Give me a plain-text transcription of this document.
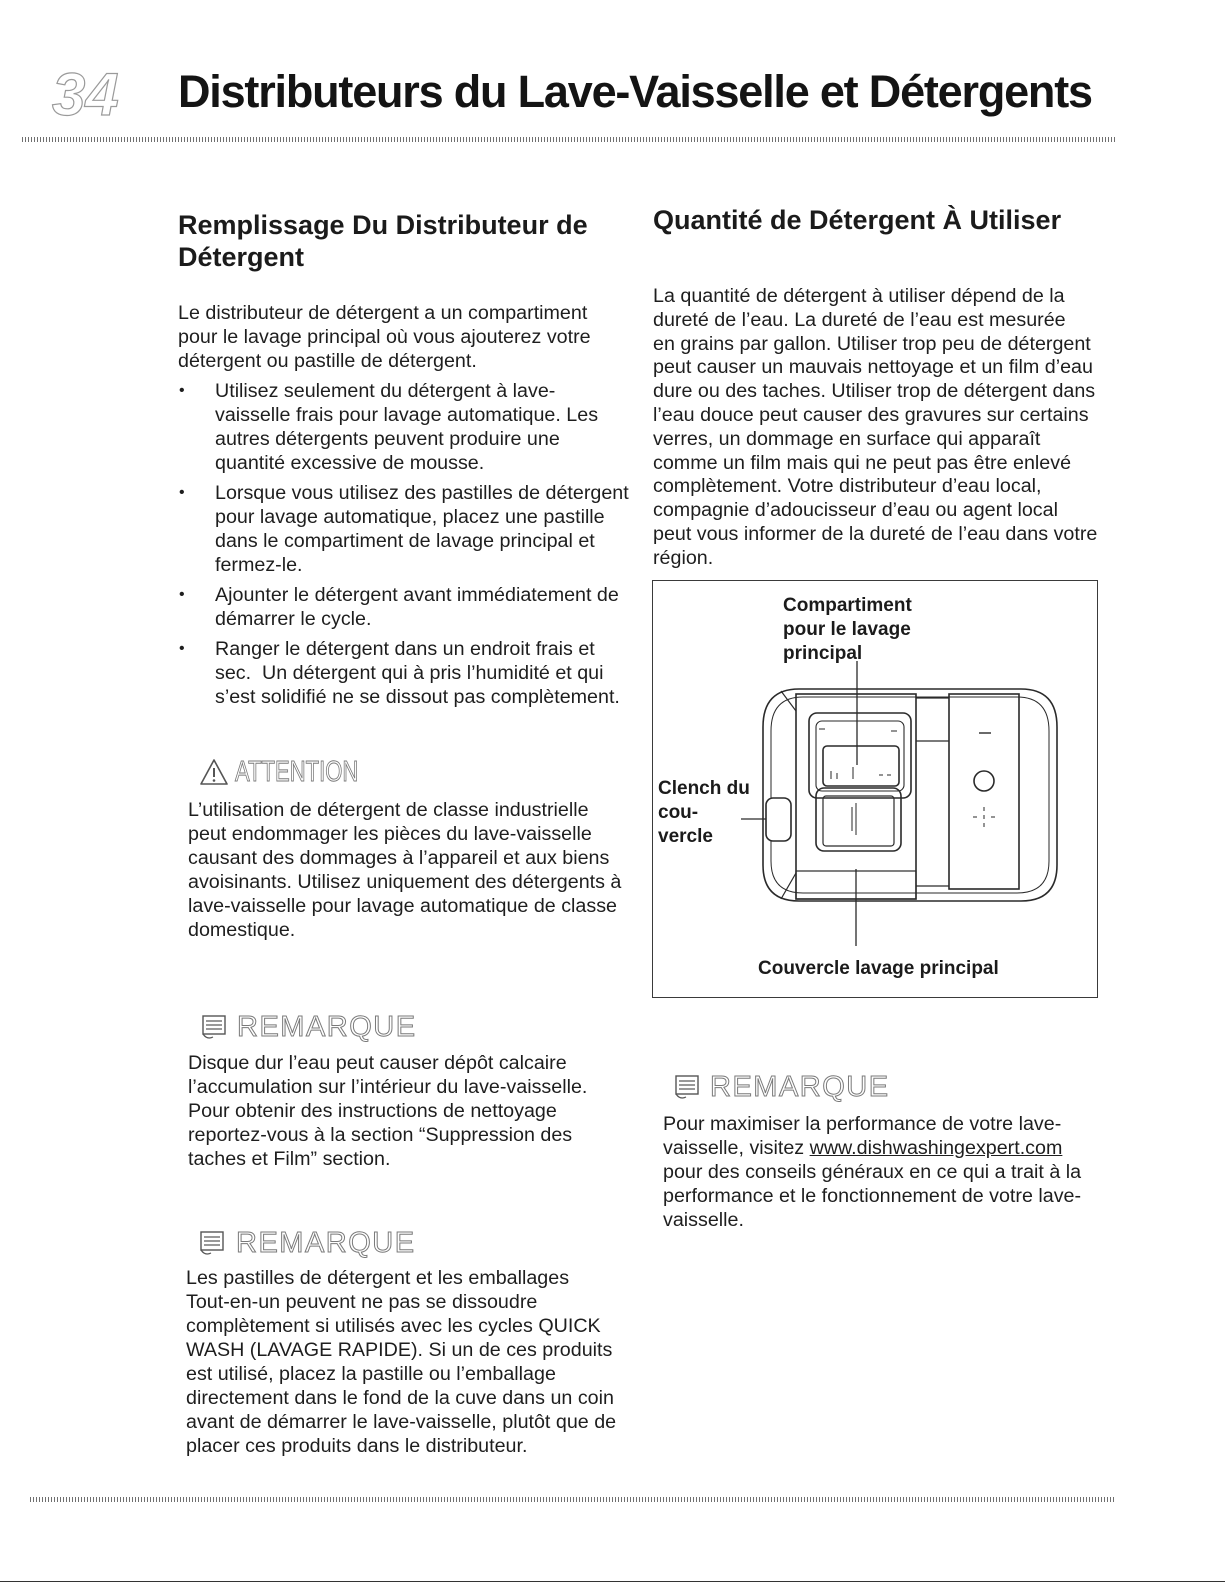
34 Distributeurs du Lave-Vaisselle et Détergents
Remplissage Du Distributeur de
Détergent
Le distributeur de détergent a un compartiment
pour le lavage principal où vous ajouterez votre
détergent ou pastille de détergent.
• Utilisez seulement du détergent à lave-
vaisselle frais pour lavage automatique. Les
autres détergents peuvent produire une
quantité excessive de mousse.
• Lorsque vous utilisez des pastilles de détergent
pour lavage automatique, placez une pastille
dans le compartiment de lavage principal et
fermez-le.
• Ajounter le détergent avant immédiatement de
démarrer le cycle.
• Ranger le détergent dans un endroit frais et
sec.  Un détergent qui à pris l’humidité et qui
s’est solidifié ne se dissout pas complètement.
ATTENTION
L’utilisation de détergent de classe industrielle
peut endommager les pièces du lave-vaisselle
causant des dommages à l’appareil et aux biens
avoisinants. Utilisez uniquement des détergents à
lave-vaisselle pour lavage automatique de classe
domestique.
REMARQUE
Disque dur l’eau peut causer dépôt calcaire
l’accumulation sur l’intérieur du lave-vaisselle.
Pour obtenir des instructions de nettoyage
reportez-vous à la section “Suppression des
taches et Film” section.
REMARQUE
Les pastilles de détergent et les emballages
Tout-en-un peuvent ne pas se dissoudre
complètement si utilisés avec les cycles QUICK
WASH (LAVAGE RAPIDE). Si un de ces produits
est utilisé, placez la pastille ou l’emballage
directement dans le fond de la cuve dans un coin
avant de démarrer le lave-vaisselle, plutôt que de
placer ces produits dans le distributeur.
Quantité de Détergent À Utiliser
La quantité de détergent à utiliser dépend de la
dureté de l’eau. La dureté de l’eau est mesurée
en grains par gallon. Utiliser trop peu de détergent
peut causer un mauvais nettoyage et un film d’eau
dure ou des taches. Utiliser trop de détergent dans
l’eau douce peut causer des gravures sur certains
verres, un dommage en surface qui apparaît
comme un film mais qui ne peut pas être enlevé
complètement. Votre distributeur d’eau local,
compagnie d’adoucisseur d’eau ou agent local
peut vous informer de la dureté de l’eau dans votre
région.
Compartiment
pour le lavage
principal
Clench du
cou-
vercle
Couvercle lavage principal
REMARQUE
Pour maximiser la performance de votre lave-
vaisselle, visitez www.dishwashingexpert.com
pour des conseils généraux en ce qui a trait à la
performance et le fonctionnement de votre lave-
vaisselle.
